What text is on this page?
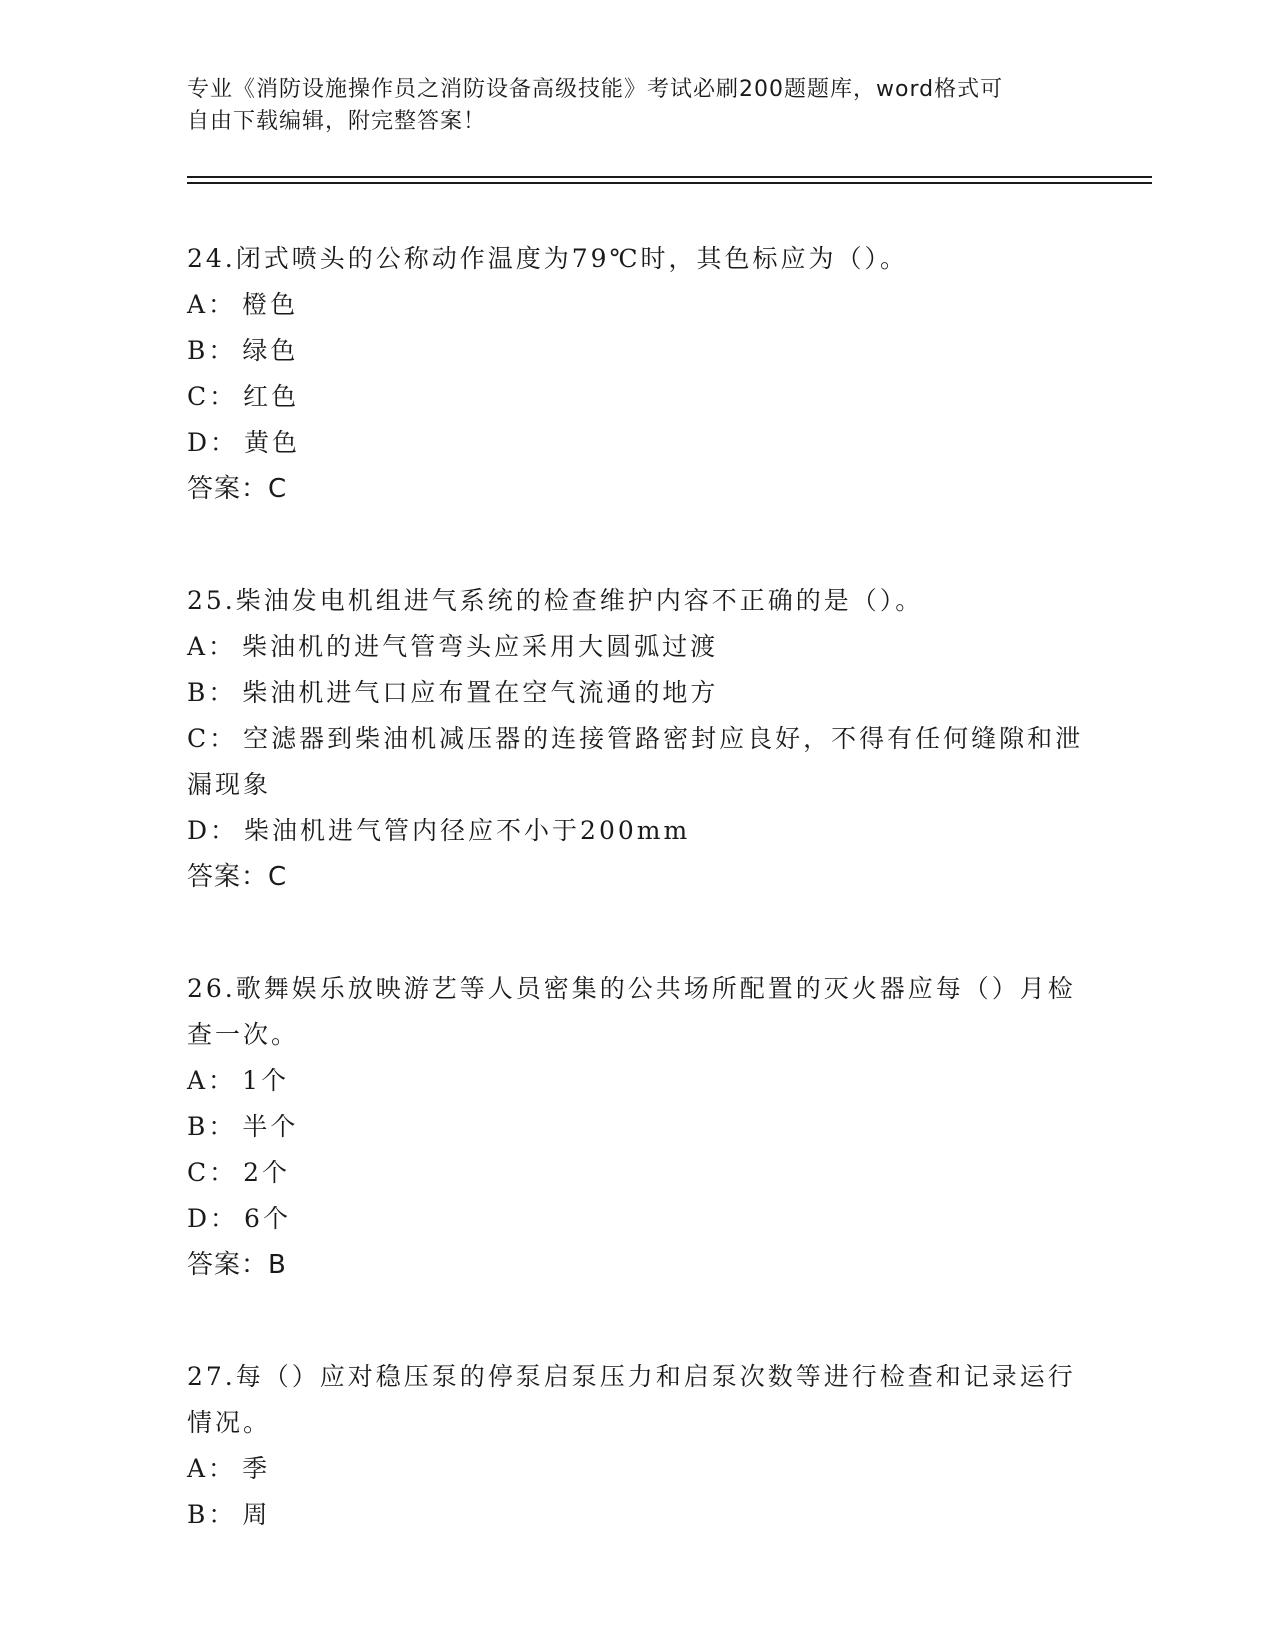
专业《消防设施操作员之消防设备高级技能》考试必刷200题题库，word格式可
自由下载编辑，附完整答案！
24.闭式喷头的公称动作温度为79℃时，其色标应为（）。
A： 橙色
B： 绿色
C： 红色
D： 黄色
答案：C
25.柴油发电机组进气系统的检查维护内容不正确的是（）。
A： 柴油机的进气管弯头应采用大圆弧过渡
B： 柴油机进气口应布置在空气流通的地方
C： 空滤器到柴油机减压器的连接管路密封应良好，不得有任何缝隙和泄漏现象
D： 柴油机进气管内径应不小于200mm
答案：C
26.歌舞娱乐放映游艺等人员密集的公共场所配置的灭火器应每（）月检查一次。
A： 1个
B： 半个
C： 2个
D： 6个
答案：B
27.每（）应对稳压泵的停泵启泵压力和启泵次数等进行检查和记录运行情况。
A： 季
B： 周
